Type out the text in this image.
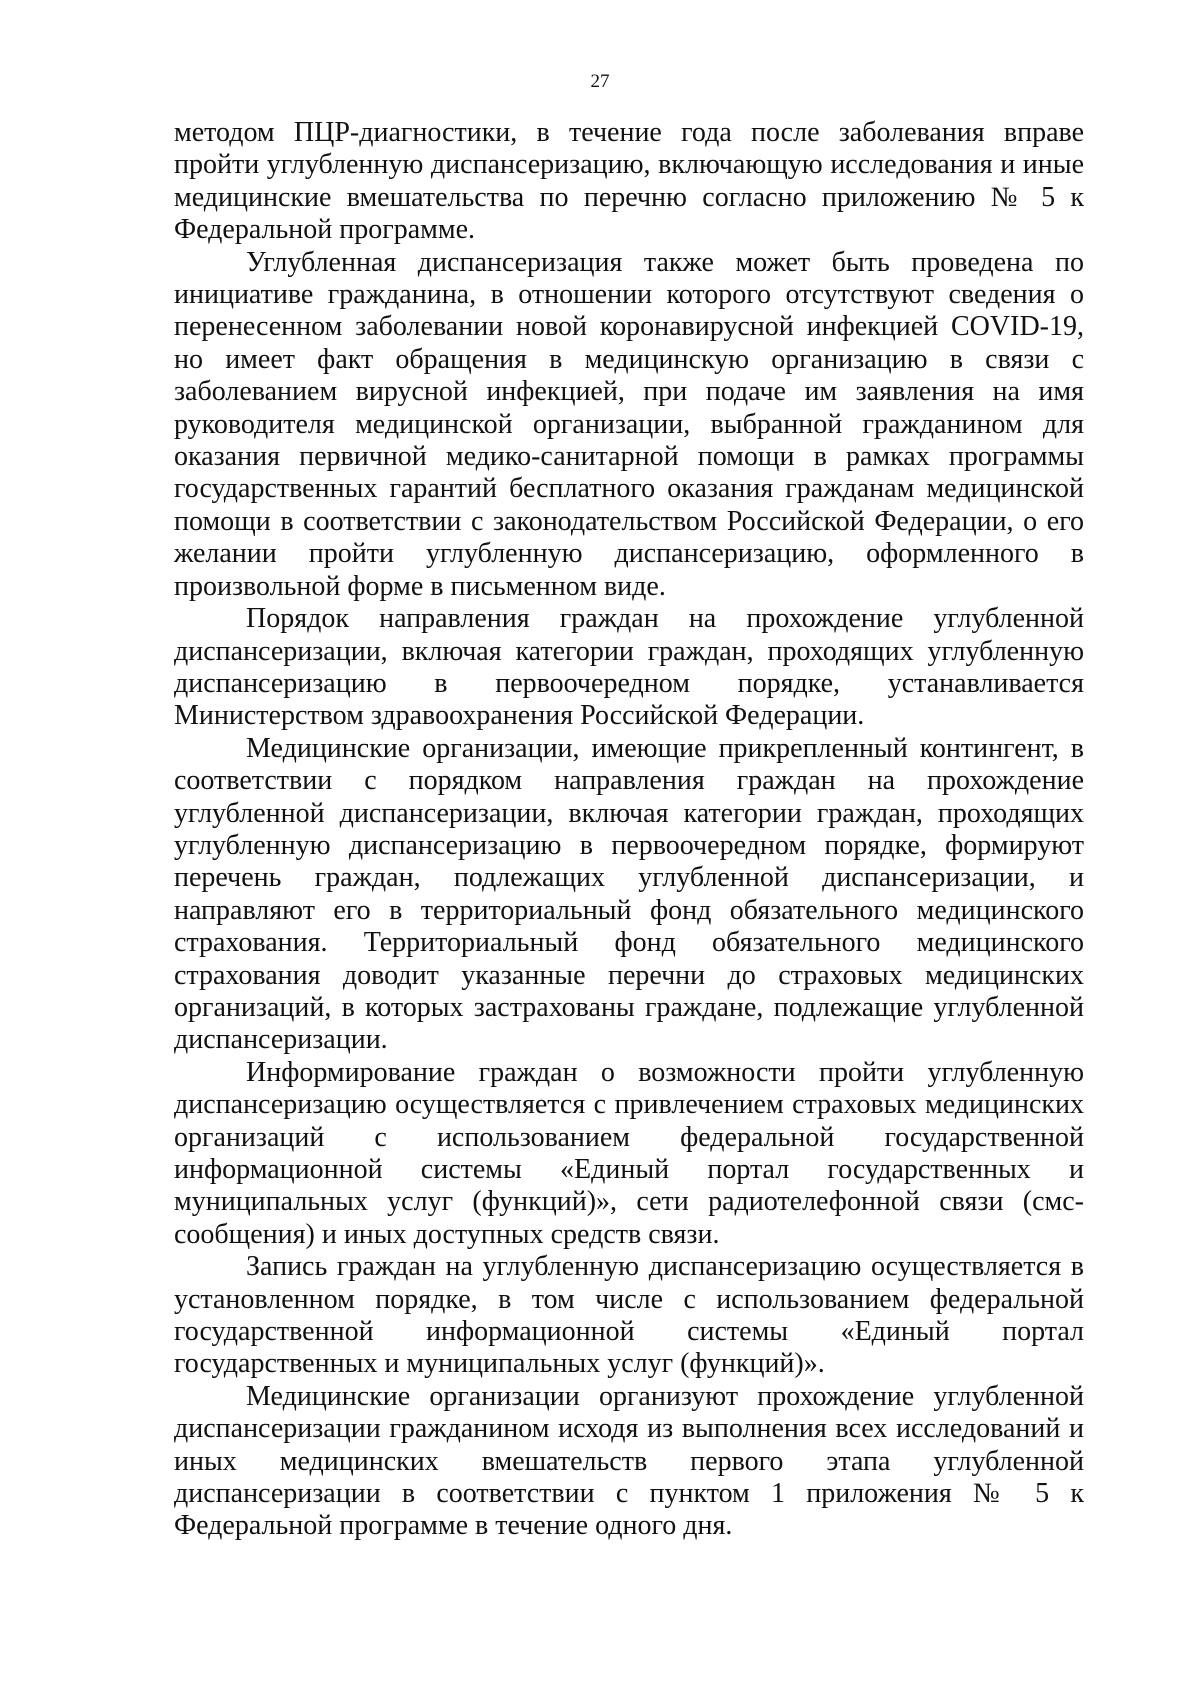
27

методом ПЦР-диагностики, в течение года после заболевания вправе пройти углубленную диспансеризацию, включающую исследования и иные медицинские вмешательства по перечню согласно приложению № 5 к Федеральной программе.

Углубленная диспансеризация также может быть проведена по инициативе гражданина, в отношении которого отсутствуют сведения о перенесенном заболевании новой коронавирусной инфекцией COVID-19, но имеет факт обращения в медицинскую организацию в связи с заболеванием вирусной инфекцией, при подаче им заявления на имя руководителя медицинской организации, выбранной гражданином для оказания первичной медико-санитарной помощи в рамках программы государственных гарантий бесплатного оказания гражданам медицинской помощи в соответствии с законодательством Российской Федерации, о его желании пройти углубленную диспансеризацию, оформленного в произвольной форме в письменном виде.

Порядок направления граждан на прохождение углубленной диспансеризации, включая категории граждан, проходящих углубленную диспансеризацию в первоочередном порядке, устанавливается Министерством здравоохранения Российской Федерации.

Медицинские организации, имеющие прикрепленный контингент, в соответствии с порядком направления граждан на прохождение углубленной диспансеризации, включая категории граждан, проходящих углубленную диспансеризацию в первоочередном порядке, формируют перечень граждан, подлежащих углубленной диспансеризации, и направляют его в территориальный фонд обязательного медицинского страхования. Территориальный фонд обязательного медицинского страхования доводит указанные перечни до страховых медицинских организаций, в которых застрахованы граждане, подлежащие углубленной диспансеризации.

Информирование граждан о возможности пройти углубленную диспансеризацию осуществляется с привлечением страховых медицинских организаций с использованием федеральной государственной информационной системы «Единый портал государственных и муниципальных услуг (функций)», сети радиотелефонной связи (смс-сообщения) и иных доступных средств связи.

Запись граждан на углубленную диспансеризацию осуществляется в установленном порядке, в том числе с использованием федеральной государственной информационной системы «Единый портал государственных и муниципальных услуг (функций)».

Медицинские организации организуют прохождение углубленной диспансеризации гражданином исходя из выполнения всех исследований и иных медицинских вмешательств первого этапа углубленной диспансеризации в соответствии с пунктом 1 приложения № 5 к Федеральной программе в течение одного дня.
